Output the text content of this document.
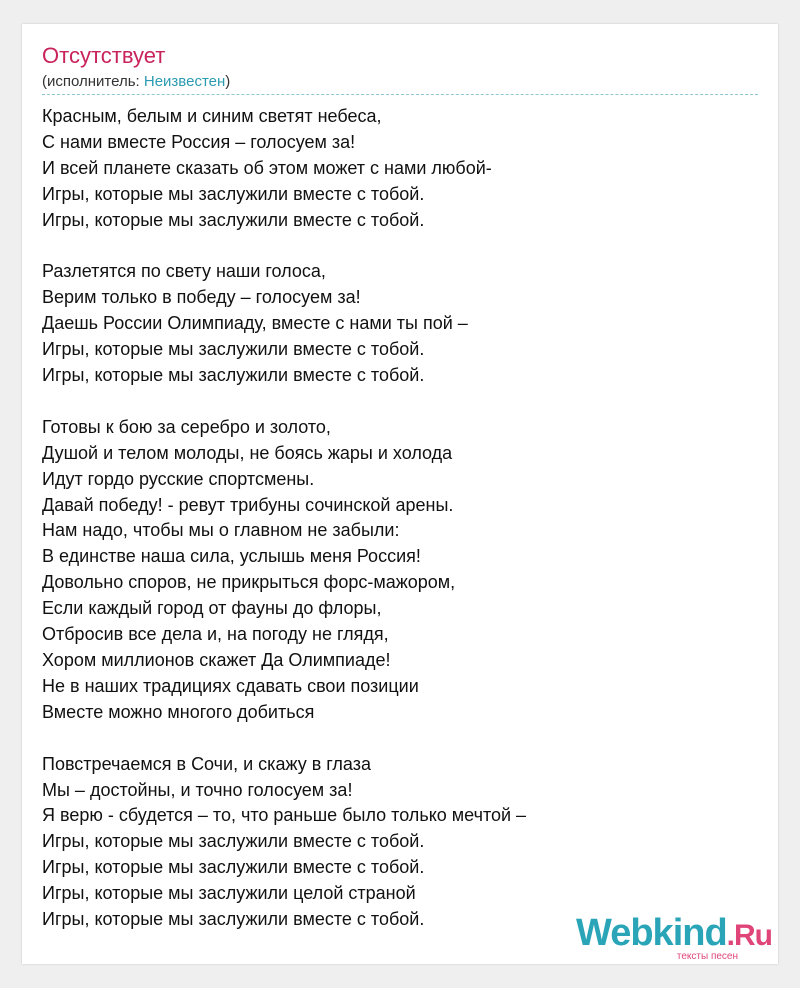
Отсутствует
(исполнитель: Неизвестен)
Красным, белым и синим светят небеса,
С нами вместе Россия – голосуем за!
И всей планете сказать об этом может с нами любой-
Игры, которые мы заслужили вместе с тобой.
Игры, которые мы заслужили вместе с тобой.
Разлетятся по свету наши голоса,
Верим только в победу – голосуем за!
Даешь России Олимпиаду, вместе с нами ты пой –
Игры, которые мы заслужили вместе с тобой.
Игры, которые мы заслужили вместе с тобой.
Готовы к бою за серебро и золото,
Душой и телом молоды, не боясь жары и холода
Идут гордо русские спортсмены.
Давай победу! - ревут трибуны сочинской арены.
Нам надо, чтобы мы о главном не забыли:
В единстве наша сила, услышь меня Россия!
Довольно споров, не прикрыться форс-мажором,
Если каждый город от фауны до флоры,
Отбросив все дела и, на погоду не глядя,
Хором миллионов скажет Да Олимпиаде!
Не в наших традициях сдавать свои позиции
Вместе можно многого добиться
Повстречаемся в Сочи, и скажу в глаза
Мы – достойны, и точно голосуем за!
Я верю - сбудется – то, что раньше было только мечтой –
Игры, которые мы заслужили вместе с тобой.
Игры, которые мы заслужили вместе с тобой.
Игры, которые мы заслужили целой страной
Игры, которые мы заслужили вместе с тобой.	Webkind.Ru
тексты песен
